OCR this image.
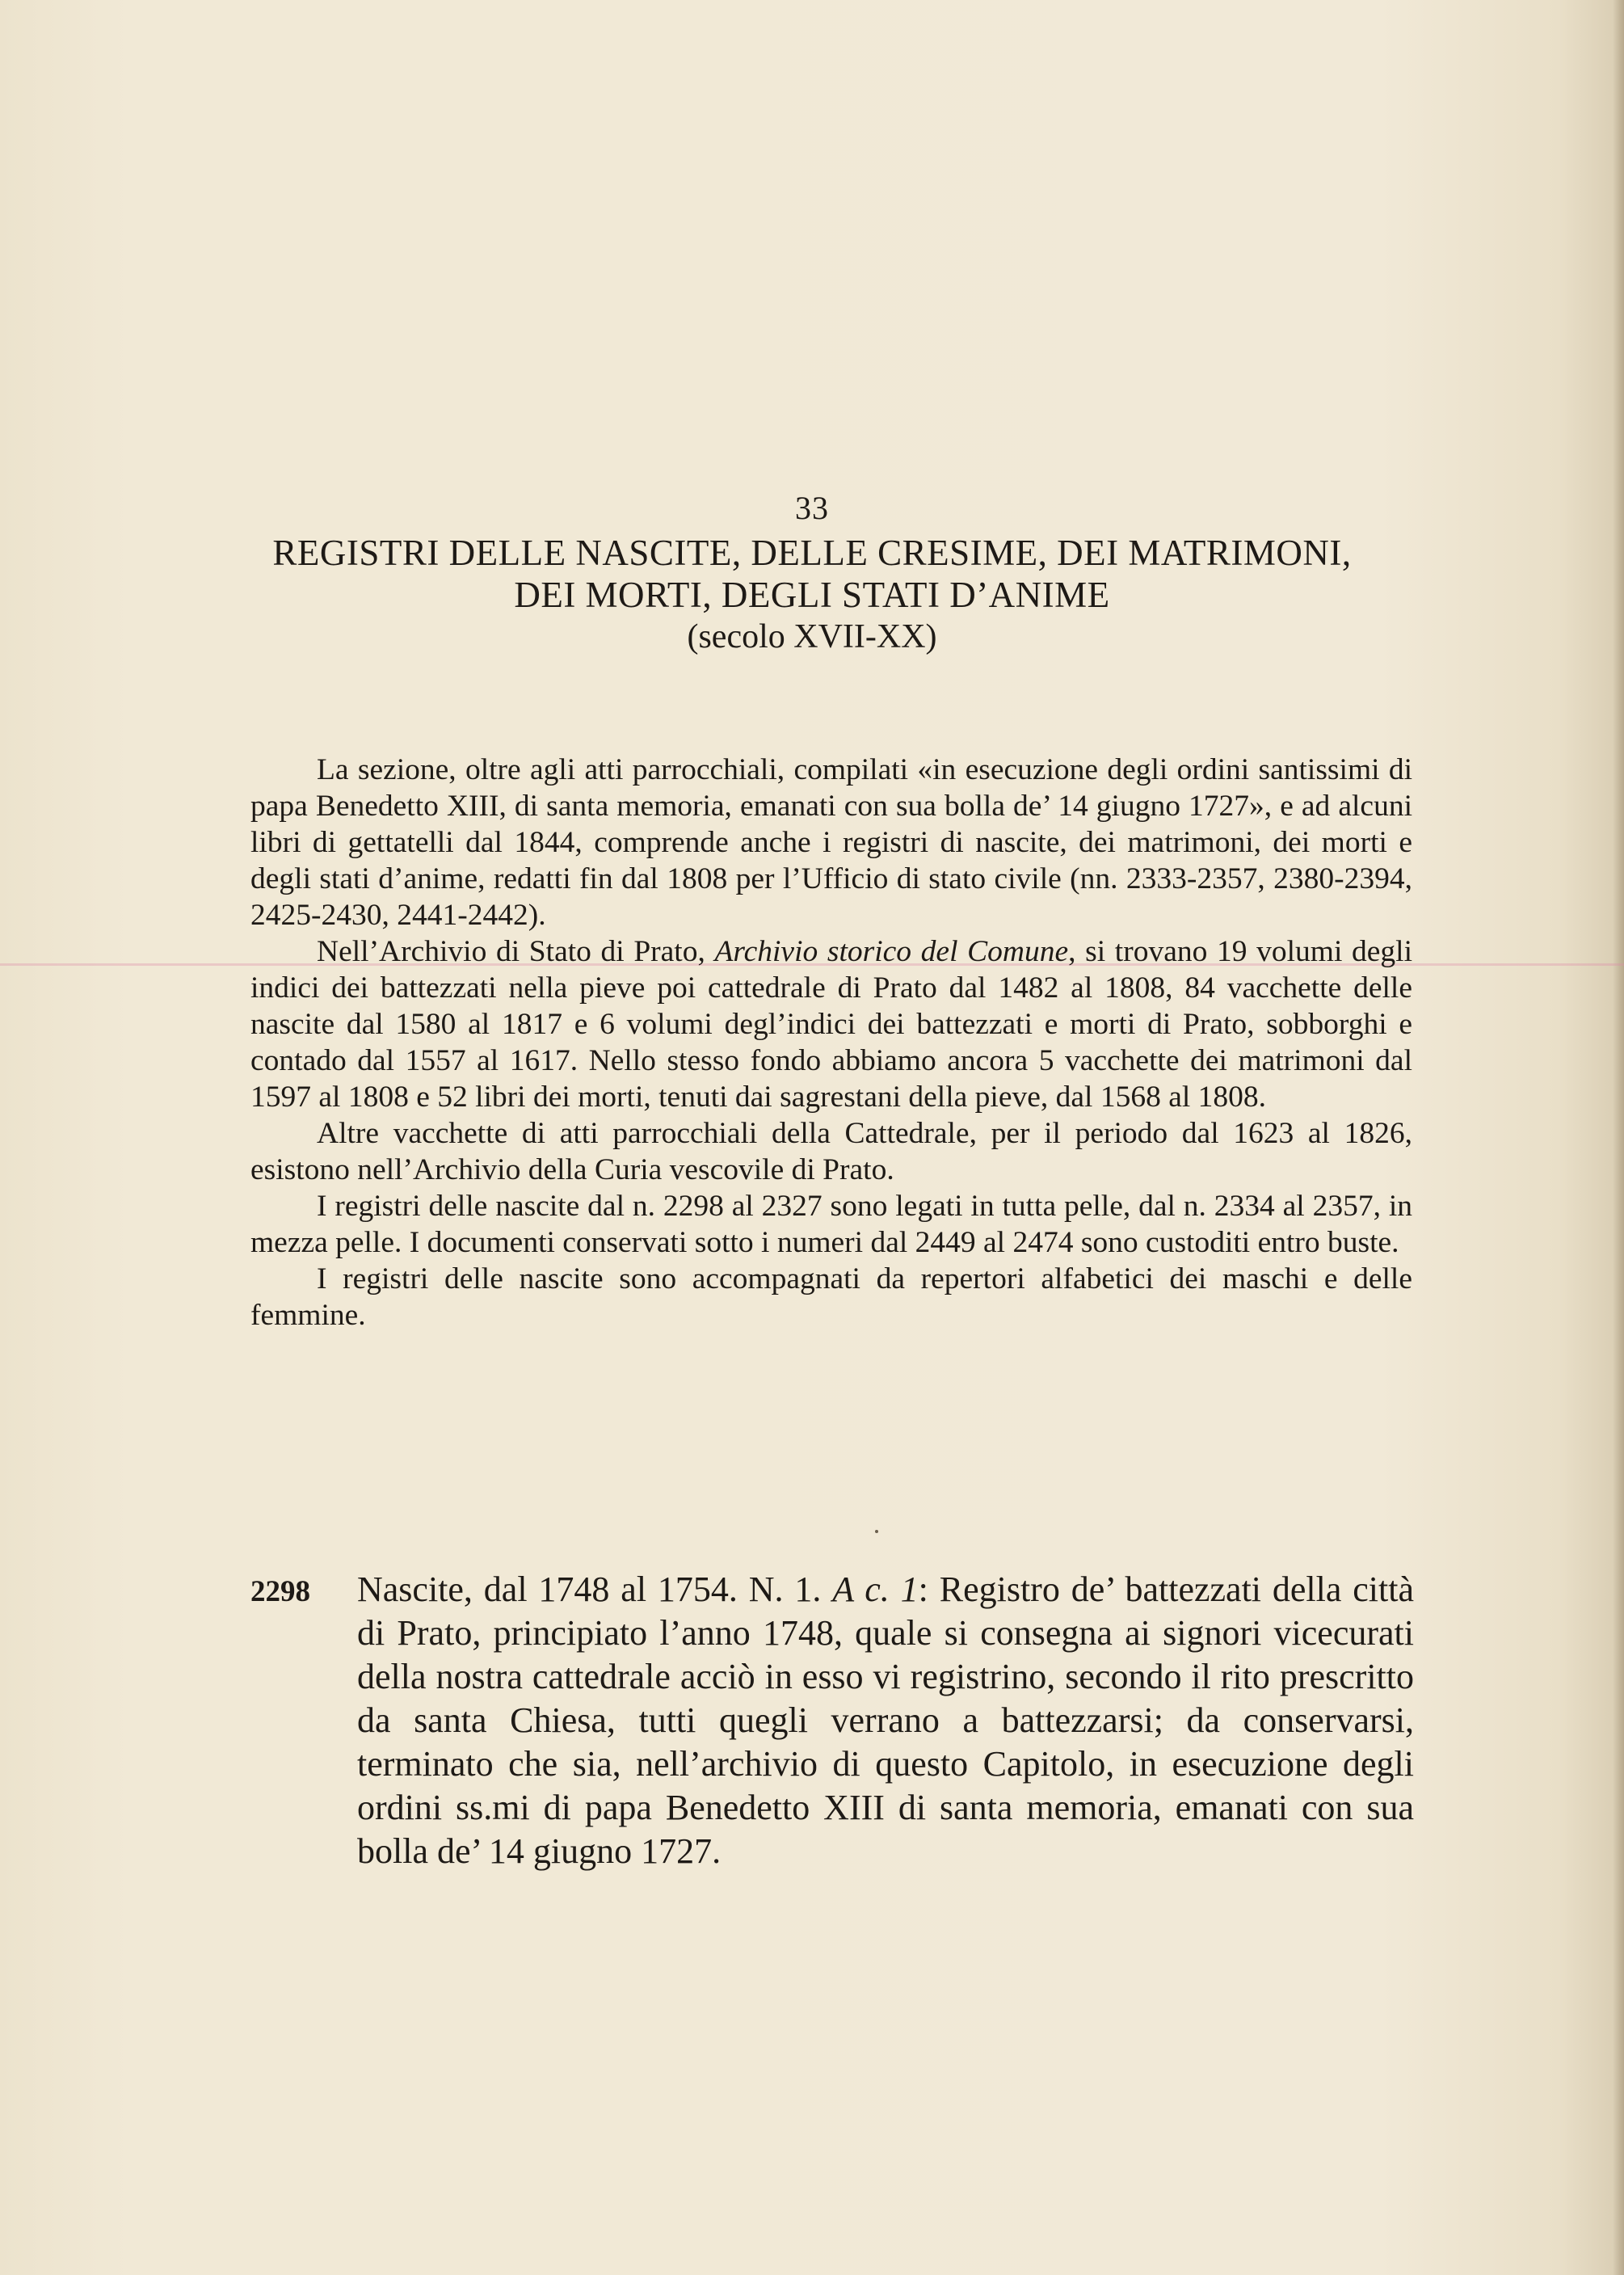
33
REGISTRI DELLE NASCITE, DELLE CRESIME, DEI MATRIMONI,
DEI MORTI, DEGLI STATI D’ANIME
(secolo XVII-XX)

La sezione, oltre agli atti parrocchiali, compilati «in esecuzione degli ordini santissimi di papa Benedetto XIII, di santa memoria, emanati con sua bolla de’ 14 giugno 1727», e ad alcuni libri di gettatelli dal 1844, comprende anche i registri di nascite, dei matrimoni, dei morti e degli stati d’anime, redatti fin dal 1808 per l’Ufficio di stato civile (nn. 2333-2357, 2380-2394, 2425-2430, 2441-2442).

Nell’Archivio di Stato di Prato, Archivio storico del Comune, si trovano 19 volumi degli indici dei battezzati nella pieve poi cattedrale di Prato dal 1482 al 1808, 84 vacchette delle nascite dal 1580 al 1817 e 6 volumi degl’indici dei battezzati e morti di Prato, sobborghi e contado dal 1557 al 1617. Nello stesso fondo abbiamo ancora 5 vacchette dei matrimoni dal 1597 al 1808 e 52 libri dei morti, tenuti dai sagrestani della pieve, dal 1568 al 1808.

Altre vacchette di atti parrocchiali della Cattedrale, per il periodo dal 1623 al 1826, esistono nell’Archivio della Curia vescovile di Prato.

I registri delle nascite dal n. 2298 al 2327 sono legati in tutta pelle, dal n. 2334 al 2357, in mezza pelle. I documenti conservati sotto i numeri dal 2449 al 2474 sono custoditi entro buste.

I registri delle nascite sono accompagnati da repertori alfabetici dei maschi e delle femmine.

2298 Nascite, dal 1748 al 1754. N. 1. A c. 1: Registro de’ battezzati della città di Prato, principiato l’anno 1748, quale si consegna ai signori vicecurati della nostra cattedrale acciò in esso vi registrino, secondo il rito prescritto da santa Chiesa, tutti quegli verrano a battezzarsi; da conservarsi, terminato che sia, nell’archivio di questo Capitolo, in esecuzione degli ordini ss.mi di papa Benedetto XIII di santa memoria, emanati con sua bolla de’ 14 giugno 1727.
